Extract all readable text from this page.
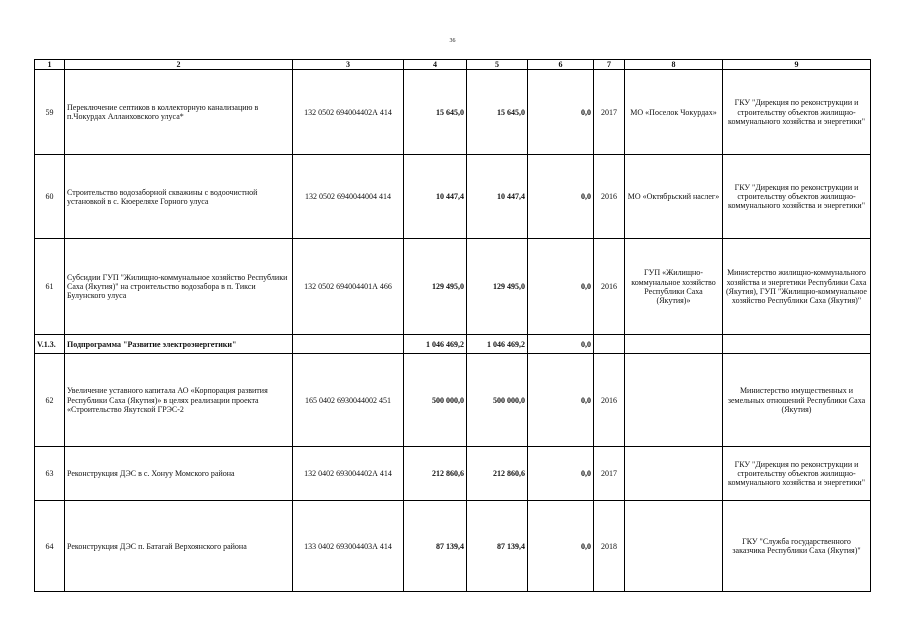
36
1	2	3	4	5	6	7	8	9
59	Переключение септиков в коллекторную канализацию в п.Чокурдах Аллаиховского улуса*	132 0502 694004402А 414	15 645,0	15 645,0	0,0	2017	МО «Поселок Чокурдах»	ГКУ "Дирекция по реконструкции и строительству объектов жилищно-коммунального хозяйства и энергетики"
60	Строительство водозаборной скважины с водоочистной установкой в с. Кюереляхе Горного улуса	132 0502 6940044004 414	10 447,4	10 447,4	0,0	2016	МО «Октябрьский наслег»	ГКУ "Дирекция по реконструкции и строительству объектов жилищно-коммунального хозяйства и энергетики"
61	Субсидии ГУП "Жилищно-коммунальное хозяйство Республики Саха (Якутия)" на строительство водозабора в п. Тикси Булунского улуса	132 0502 694004401А 466	129 495,0	129 495,0	0,0	2016	ГУП «Жилищно-коммунальное хозяйство Республики Саха (Якутия)»	Министерство жилищно-коммунального хозяйства и энергетики Республики Саха (Якутия), ГУП "Жилищно-коммунальное хозяйство Республики Саха (Якутия)"
V.1.3.	Подпрограмма "Развитие электроэнергетики"		1 046 469,2	1 046 469,2	0,0			
62	Увеличение уставного капитала АО «Корпорация развития Республики Саха (Якутия)» в целях реализации проекта «Строительство Якутской ГРЭС-2	165 0402 6930044002 451	500 000,0	500 000,0	0,0	2016		Министерство имущественных и земельных отношений Республики Саха (Якутия)
63	Реконструкция ДЭС в с. Хонуу Момского района	132 0402 693004402А 414	212 860,6	212 860,6	0,0	2017		ГКУ "Дирекция по реконструкции и строительству объектов жилищно-коммунального хозяйства и энергетики"
64	Реконструкция ДЭС п. Батагай Верхоянского района	133 0402 693004403А 414	87 139,4	87 139,4	0,0	2018		ГКУ "Служба государственного заказчика Республики Саха (Якутия)"
